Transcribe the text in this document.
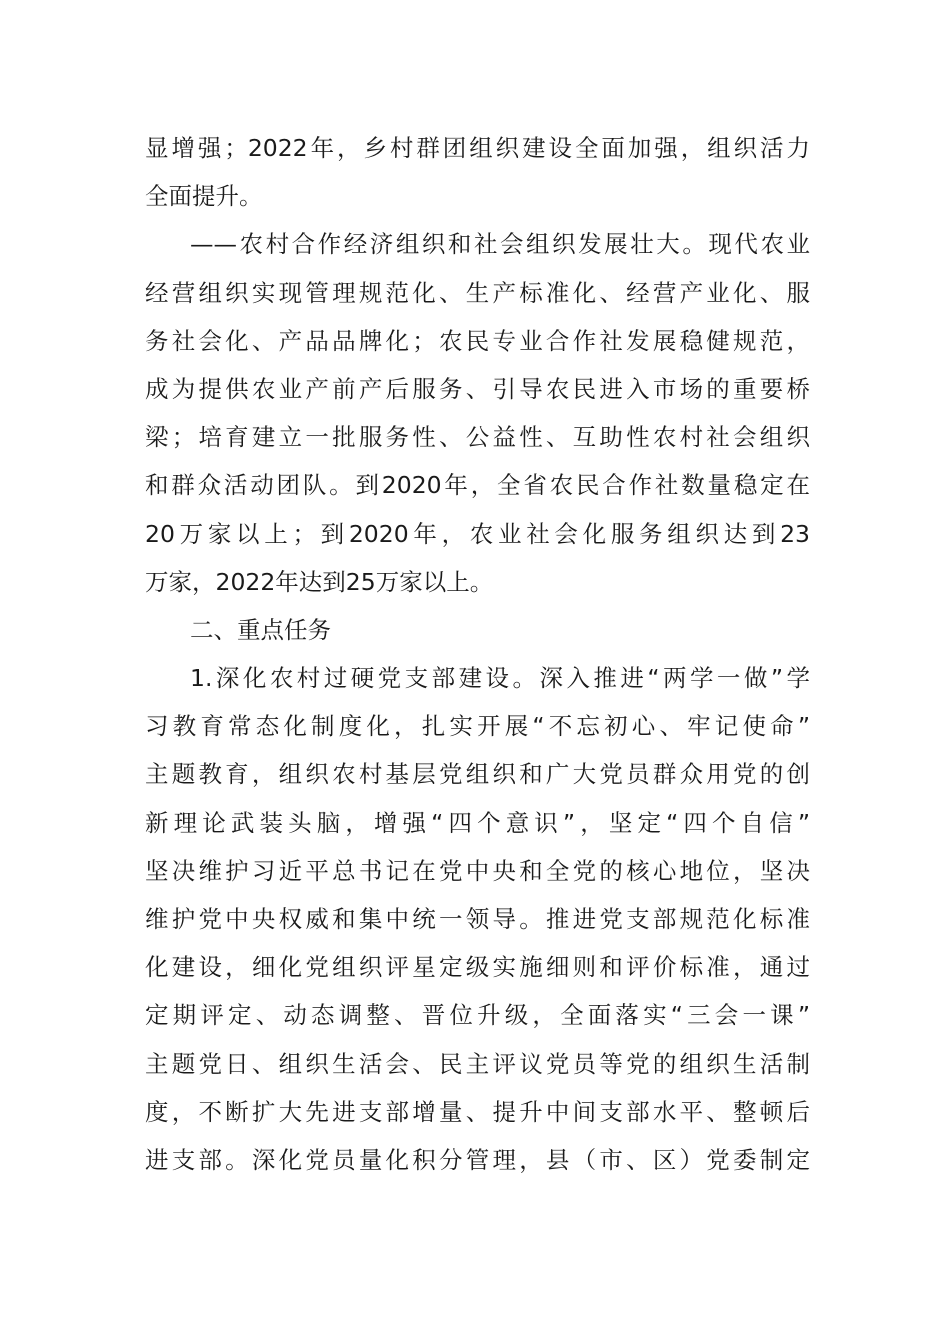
显增强；2022年，乡村群团组织建设全面加强，组织活力
全面提升。
——农村合作经济组织和社会组织发展壮大。现代农业
经营组织实现管理规范化、生产标准化、经营产业化、服
务社会化、产品品牌化；农民专业合作社发展稳健规范，
成为提供农业产前产后服务、引导农民进入市场的重要桥
梁；培育建立一批服务性、公益性、互助性农村社会组织
和群众活动团队。到2020年，全省农民合作社数量稳定在
20万家以上；到2020年，农业社会化服务组织达到23
万家，2022年达到25万家以上。
二、重点任务
1.深化农村过硬党支部建设。深入推进“两学一做”学
习教育常态化制度化，扎实开展“不忘初心、牢记使命”
主题教育，组织农村基层党组织和广大党员群众用党的创
新理论武装头脑，增强“四个意识”，坚定“四个自信”
坚决维护习近平总书记在党中央和全党的核心地位，坚决
维护党中央权威和集中统一领导。推进党支部规范化标准
化建设，细化党组织评星定级实施细则和评价标准，通过
定期评定、动态调整、晋位升级，全面落实“三会一课”
主题党日、组织生活会、民主评议党员等党的组织生活制
度，不断扩大先进支部增量、提升中间支部水平、整顿后
进支部。深化党员量化积分管理，县（市、区）党委制定
